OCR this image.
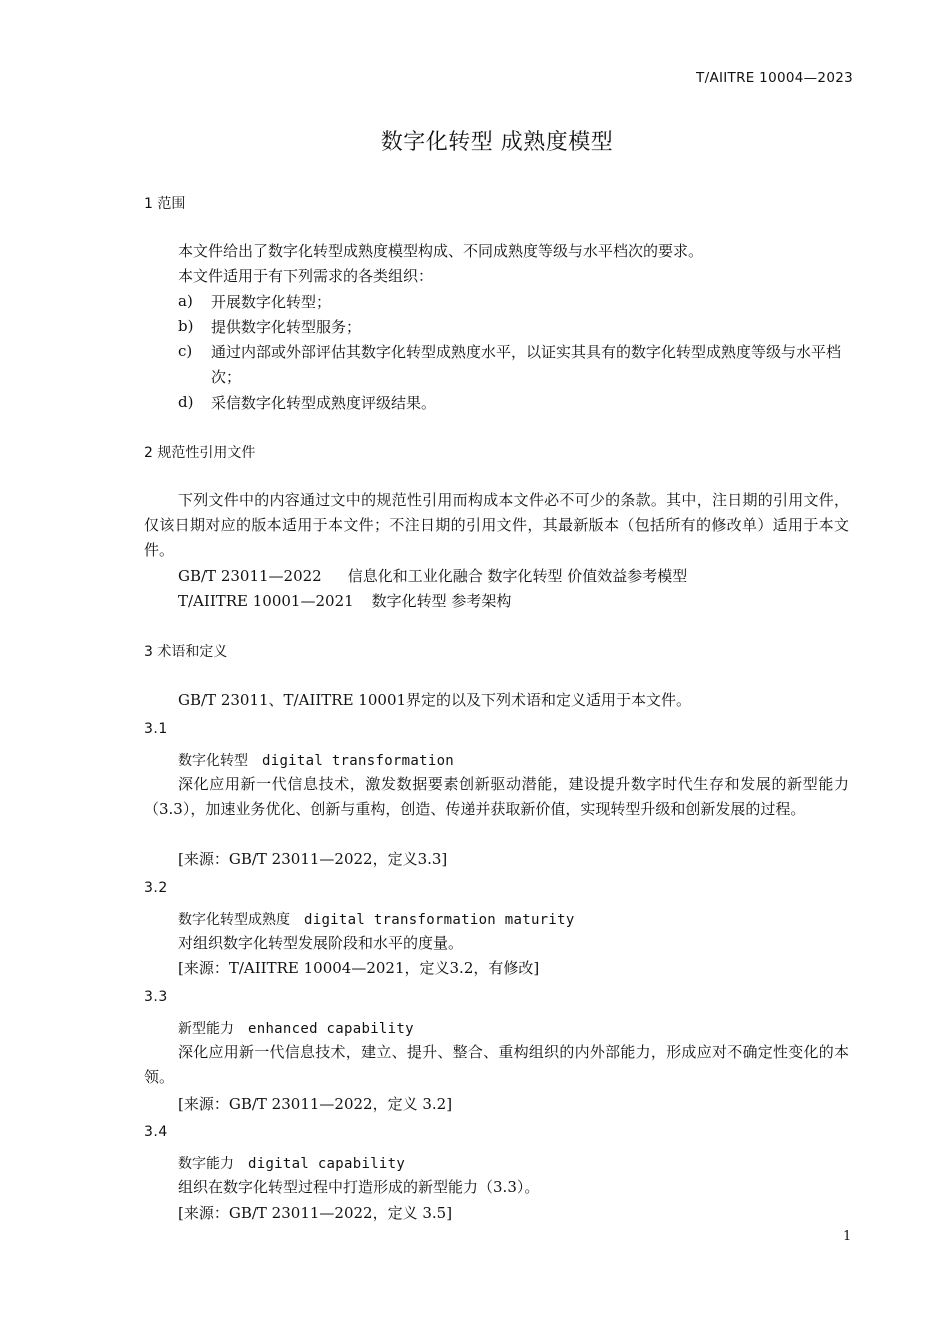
T/AIITRE 10004—2023
数字化转型 成熟度模型
1 范围
本文件给出了数字化转型成熟度模型构成、不同成熟度等级与水平档次的要求。
本文件适用于有下列需求的各类组织：
a) 开展数字化转型；
b) 提供数字化转型服务；
c) 通过内部或外部评估其数字化转型成熟度水平，以证实其具有的数字化转型成熟度等级与水平档次；
d) 采信数字化转型成熟度评级结果。
2 规范性引用文件
下列文件中的内容通过文中的规范性引用而构成本文件必不可少的条款。其中，注日期的引用文件，仅该日期对应的版本适用于本文件；不注日期的引用文件，其最新版本（包括所有的修改单）适用于本文件。
GB/T 23011—2022 信息化和工业化融合 数字化转型 价值效益参考模型
T/AIITRE 10001—2021 数字化转型 参考架构
3 术语和定义
GB/T 23011、T/AIITRE 10001界定的以及下列术语和定义适用于本文件。
3.1
数字化转型 digital transformation
深化应用新一代信息技术，激发数据要素创新驱动潜能，建设提升数字时代生存和发展的新型能力（3.3），加速业务优化、创新与重构，创造、传递并获取新价值，实现转型升级和创新发展的过程。
[来源：GB/T 23011—2022，定义3.3]
3.2
数字化转型成熟度 digital transformation maturity
对组织数字化转型发展阶段和水平的度量。
[来源：T/AIITRE 10004—2021，定义3.2，有修改]
3.3
新型能力 enhanced capability
深化应用新一代信息技术，建立、提升、整合、重构组织的内外部能力，形成应对不确定性变化的本领。
[来源：GB/T 23011—2022，定义 3.2]
3.4
数字能力 digital capability
组织在数字化转型过程中打造形成的新型能力（3.3）。
[来源：GB/T 23011—2022，定义 3.5]
1
